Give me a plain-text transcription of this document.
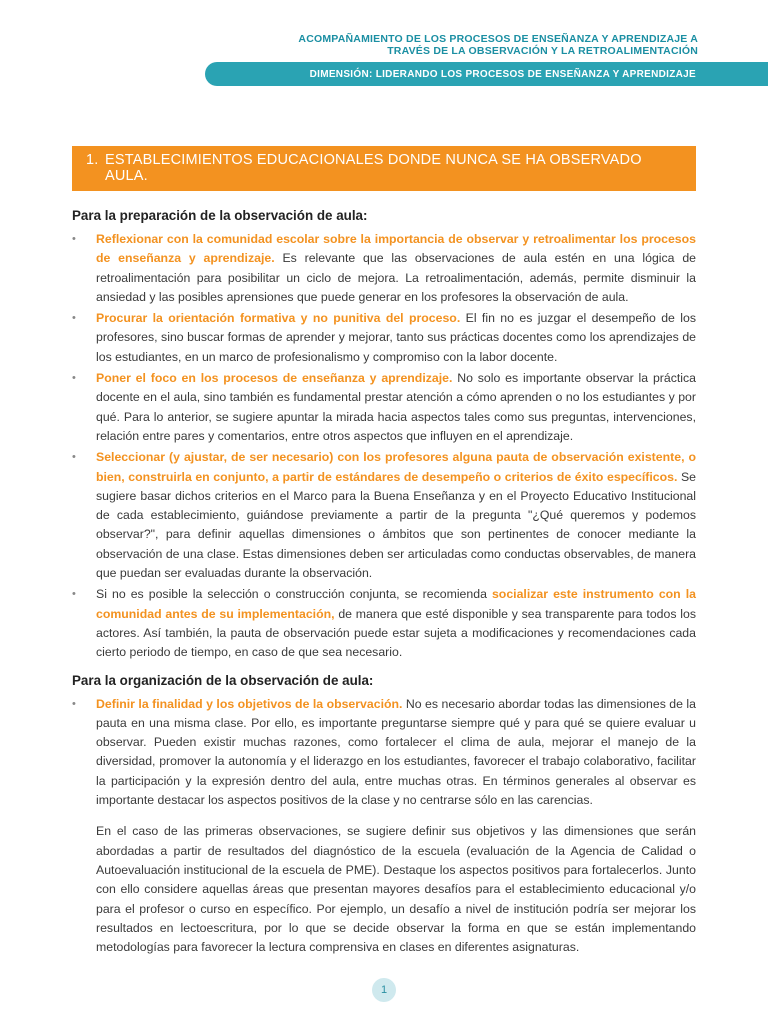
ACOMPAÑAMIENTO DE LOS PROCESOS DE ENSEÑANZA Y APRENDIZAJE A
TRAVÉS DE LA OBSERVACIÓN Y LA RETROALIMENTACIÓN
DIMENSIÓN: LIDERANDO LOS PROCESOS DE ENSEÑANZA Y APRENDIZAJE
1. ESTABLECIMIENTOS EDUCACIONALES DONDE NUNCA SE HA OBSERVADO AULA.
Para la preparación de la observación de aula:
• Reflexionar con la comunidad escolar sobre la importancia de observar y retroalimentar los procesos de enseñanza y aprendizaje. Es relevante que las observaciones de aula estén en una lógica de retroalimentación para posibilitar un ciclo de mejora. La retroalimentación, además, permite disminuir la ansiedad y las posibles aprensiones que puede generar en los profesores la observación de aula.
• Procurar la orientación formativa y no punitiva del proceso. El fin no es juzgar el desempeño de los profesores, sino buscar formas de aprender y mejorar, tanto sus prácticas docentes como los aprendizajes de los estudiantes, en un marco de profesionalismo y compromiso con la labor docente.
• Poner el foco en los procesos de enseñanza y aprendizaje. No solo es importante observar la práctica docente en el aula, sino también es fundamental prestar atención a cómo aprenden o no los estudiantes y por qué. Para lo anterior, se sugiere apuntar la mirada hacia aspectos tales como sus preguntas, intervenciones, relación entre pares y comentarios, entre otros aspectos que influyen en el aprendizaje.
• Seleccionar (y ajustar, de ser necesario) con los profesores alguna pauta de observación existente, o bien, construirla en conjunto, a partir de estándares de desempeño o criterios de éxito específicos. Se sugiere basar dichos criterios en el Marco para la Buena Enseñanza y en el Proyecto Educativo Institucional de cada establecimiento, guiándose previamente a partir de la pregunta "¿Qué queremos y podemos observar?", para definir aquellas dimensiones o ámbitos que son pertinentes de conocer mediante la observación de una clase. Estas dimensiones deben ser articuladas como conductas observables, de manera que puedan ser evaluadas durante la observación.
• Si no es posible la selección o construcción conjunta, se recomienda socializar este instrumento con la comunidad antes de su implementación, de manera que esté disponible y sea transparente para todos los actores. Así también, la pauta de observación puede estar sujeta a modificaciones y recomendaciones cada cierto periodo de tiempo, en caso de que sea necesario.
Para la organización de la observación de aula:
• Definir la finalidad y los objetivos de la observación. No es necesario abordar todas las dimensiones de la pauta en una misma clase. Por ello, es importante preguntarse siempre qué y para qué se quiere evaluar u observar. Pueden existir muchas razones, como fortalecer el clima de aula, mejorar el manejo de la diversidad, promover la autonomía y el liderazgo en los estudiantes, favorecer el trabajo colaborativo, facilitar la participación y la expresión dentro del aula, entre muchas otras. En términos generales al observar es importante destacar los aspectos positivos de la clase y no centrarse sólo en las carencias.
En el caso de las primeras observaciones, se sugiere definir sus objetivos y las dimensiones que serán abordadas a partir de resultados del diagnóstico de la escuela (evaluación de la Agencia de Calidad o Autoevaluación institucional de la escuela de PME). Destaque los aspectos positivos para fortalecerlos. Junto con ello considere aquellas áreas que presentan mayores desafíos para el establecimiento educacional y/o para el profesor o curso en específico. Por ejemplo, un desafío a nivel de institución podría ser mejorar los resultados en lectoescritura, por lo que se decide observar la forma en que se están implementando metodologías para favorecer la lectura comprensiva en clases en diferentes asignaturas.
1
